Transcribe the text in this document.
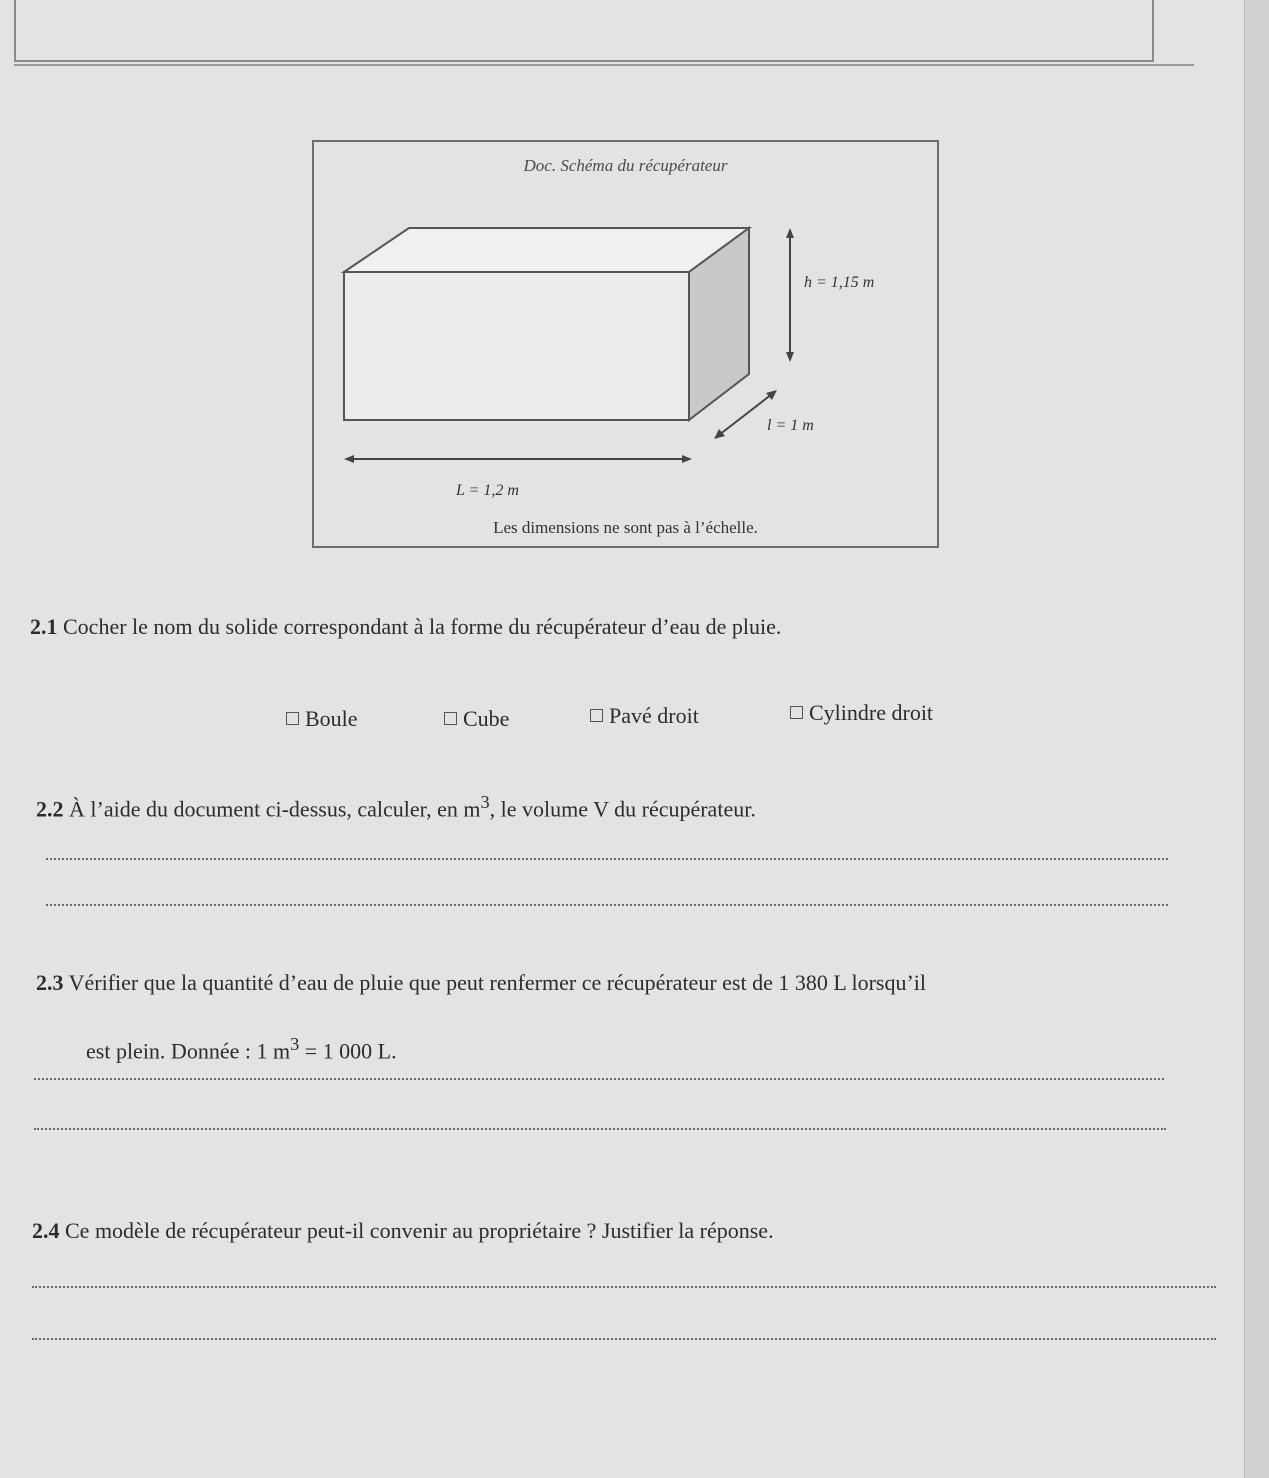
Doc. Schéma du récupérateur
h = 1,15 m
l = 1 m
L = 1,2 m
Les dimensions ne sont pas à l’échelle.
2.1 Cocher le nom du solide correspondant à la forme du récupérateur d’eau de pluie.
Boule	Cube	Pavé droit	Cylindre droit
2.2 À l’aide du document ci-dessus, calculer, en $m^3$, le volume V du récupérateur.
2.3 Vérifier que la quantité d’eau de pluie que peut renfermer ce récupérateur est de 1 380 L lorsqu’il
est plein. Donnée : 1 $m^3 = 1$ 000 L.
2.4 Ce modèle de récupérateur peut-il convenir au propriétaire ? Justifier la réponse.
